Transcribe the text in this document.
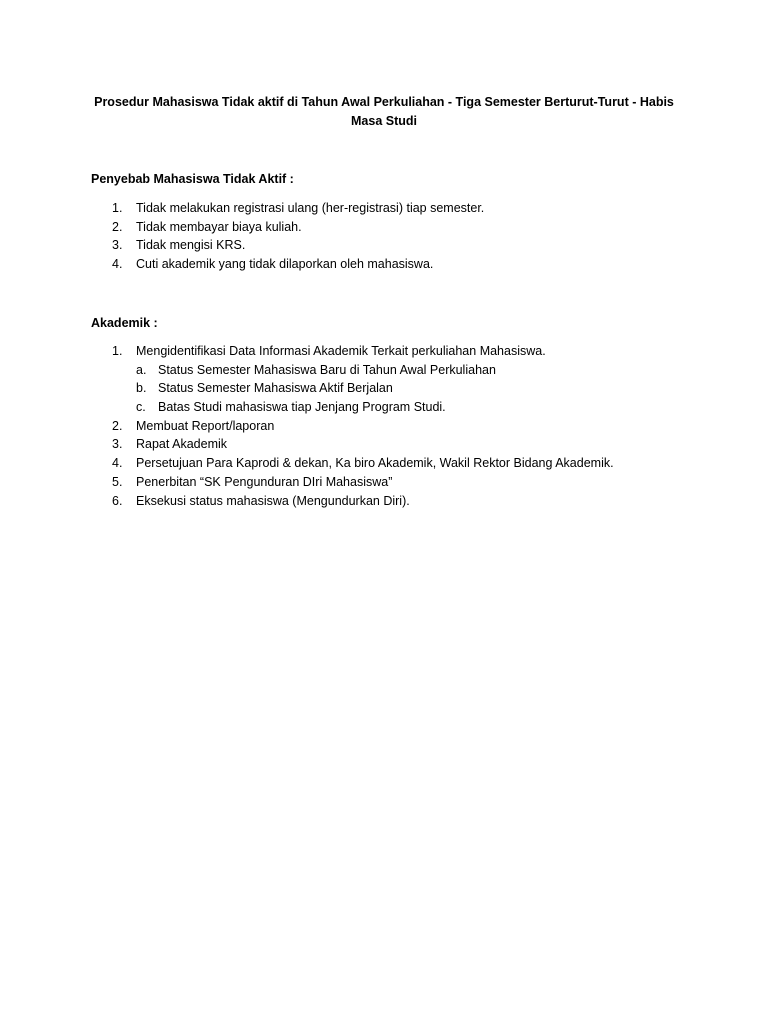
Prosedur Mahasiswa Tidak aktif di Tahun Awal Perkuliahan - Tiga Semester Berturut-Turut - Habis Masa Studi

Penyebab Mahasiswa Tidak Aktif :

1. Tidak melakukan registrasi ulang (her-registrasi) tiap semester.
2. Tidak membayar biaya kuliah.
3. Tidak mengisi KRS.
4. Cuti akademik yang tidak dilaporkan oleh mahasiswa.

Akademik :

1. Mengidentifikasi Data Informasi Akademik Terkait perkuliahan Mahasiswa.
a. Status Semester Mahasiswa Baru di Tahun Awal Perkuliahan
b. Status Semester Mahasiswa Aktif Berjalan
c. Batas Studi mahasiswa tiap Jenjang Program Studi.
2. Membuat Report/laporan
3. Rapat Akademik
4. Persetujuan Para Kaprodi & dekan, Ka biro Akademik, Wakil Rektor Bidang Akademik.
5. Penerbitan “SK Pengunduran DIri Mahasiswa”
6. Eksekusi status mahasiswa (Mengundurkan Diri).
